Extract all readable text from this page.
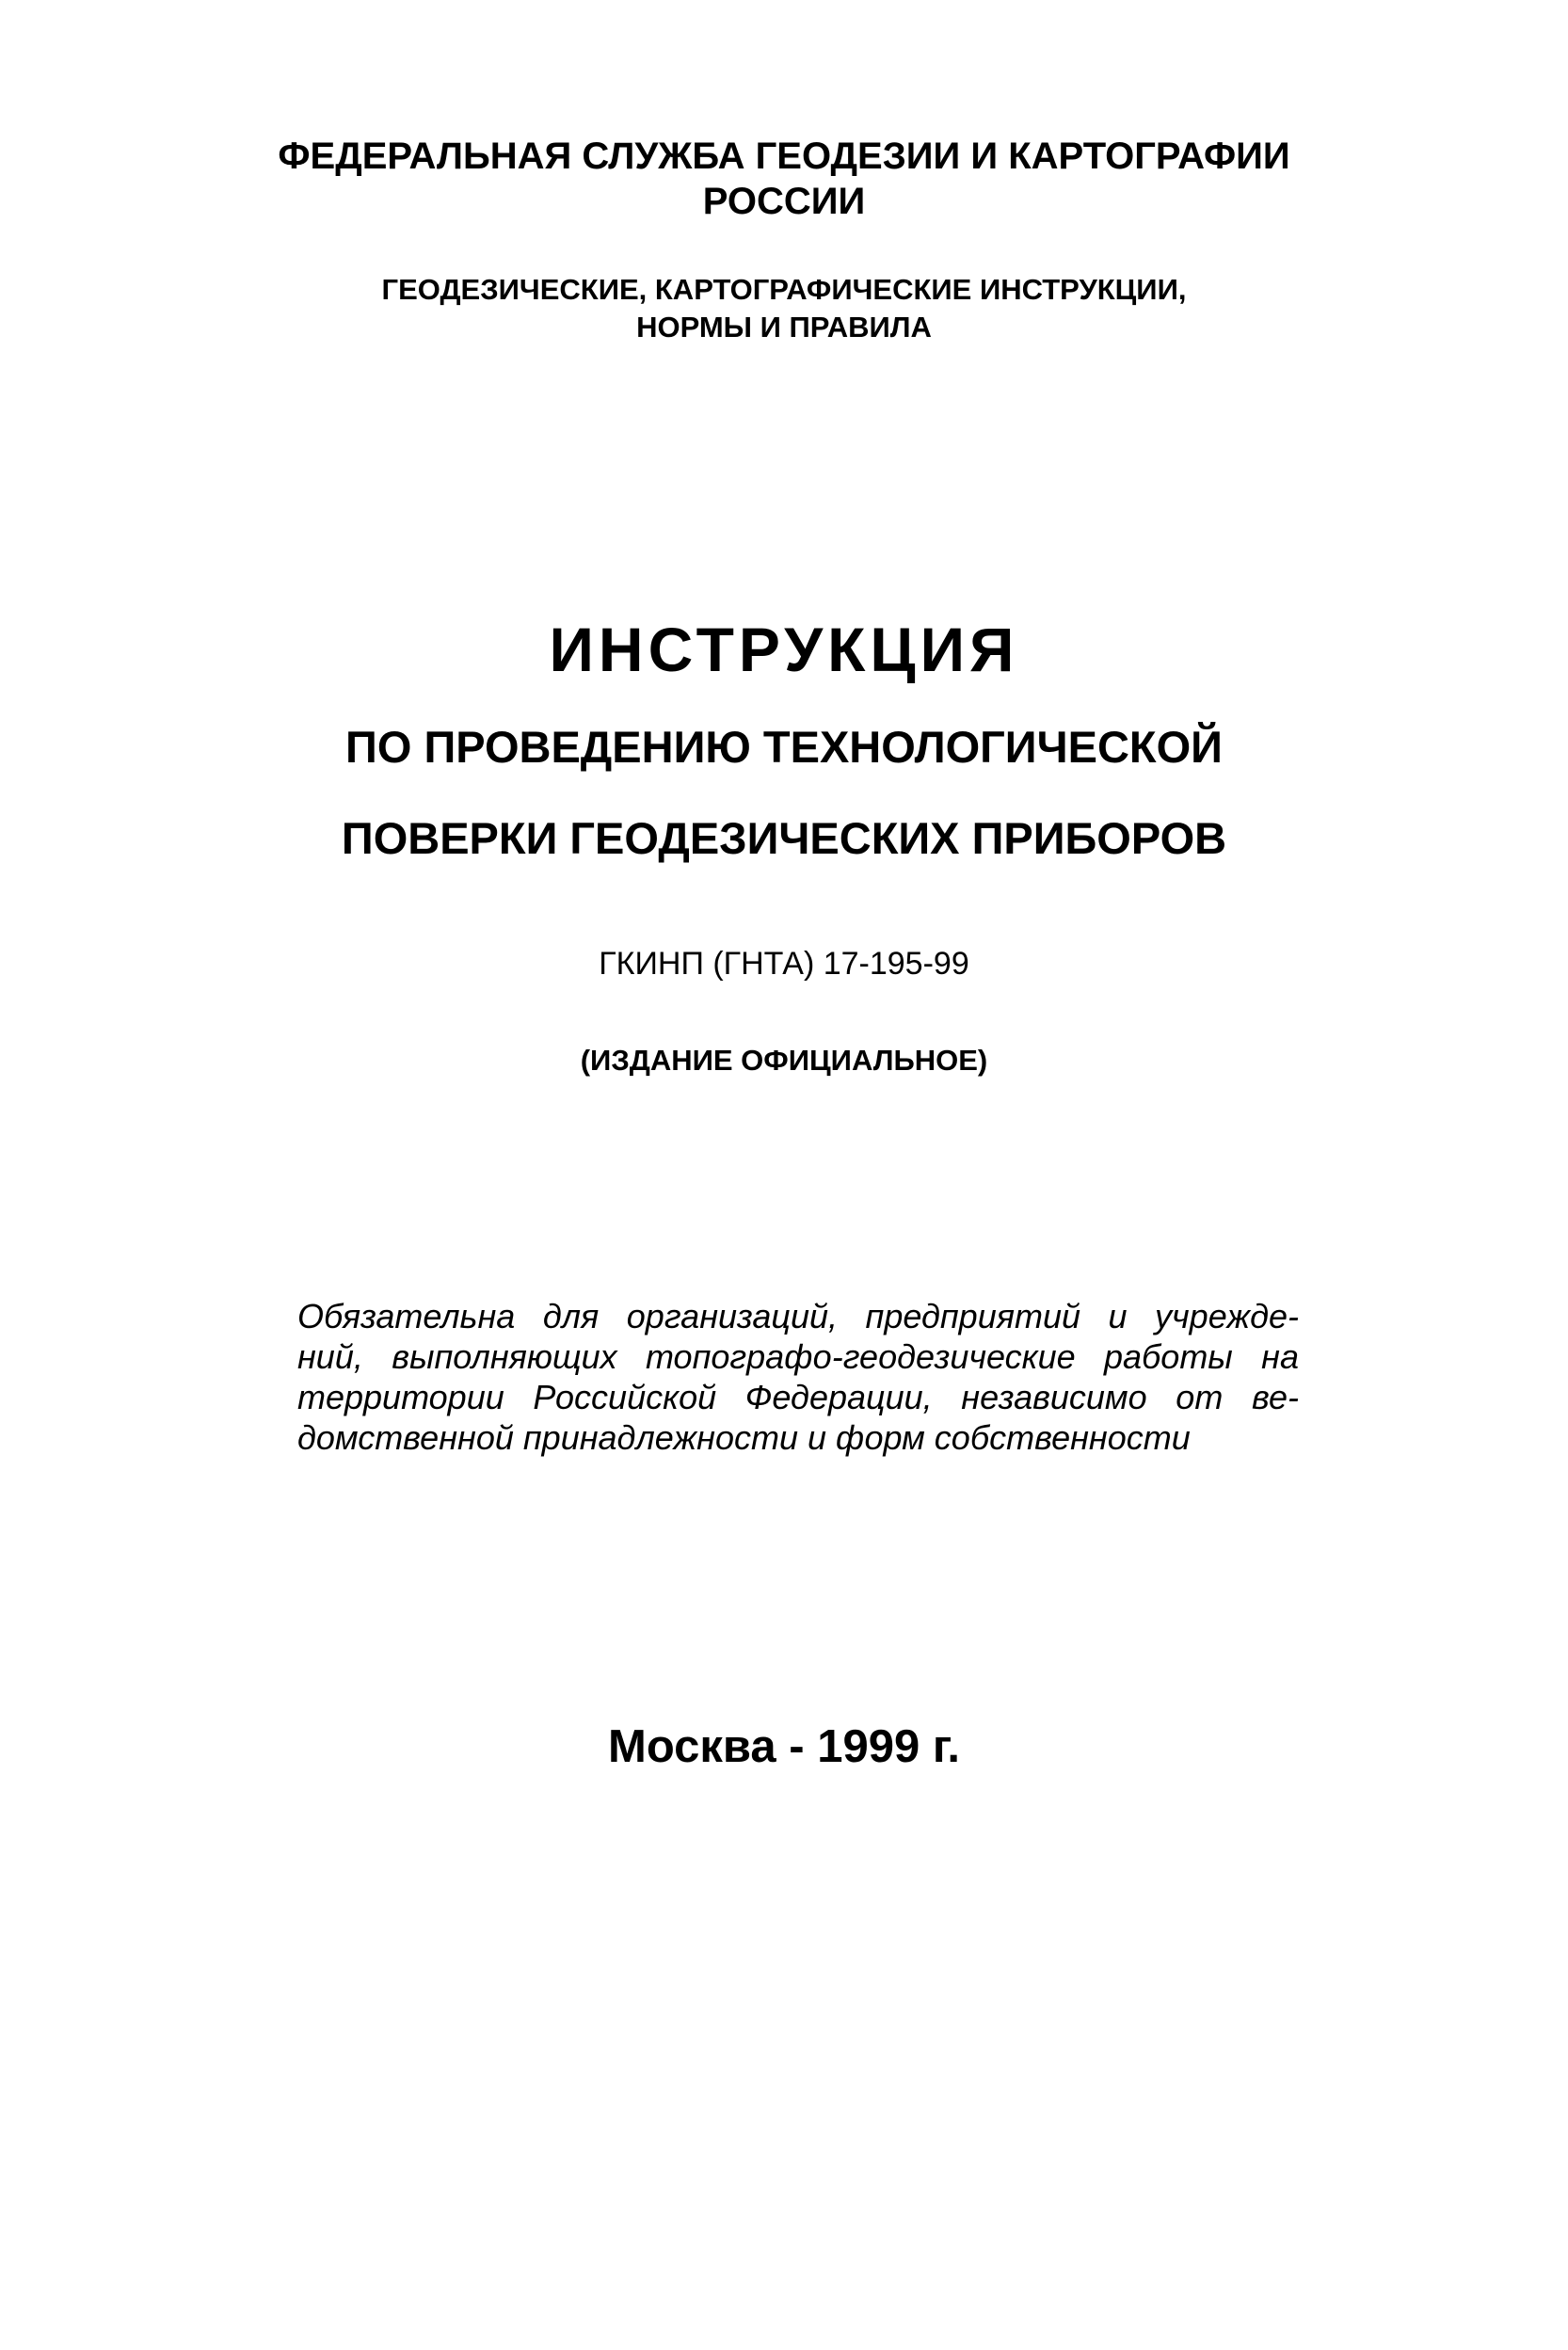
ФЕДЕРАЛЬНАЯ СЛУЖБА ГЕОДЕЗИИ И КАРТОГРАФИИ

РОССИИ

ГЕОДЕЗИЧЕСКИЕ, КАРТОГРАФИЧЕСКИЕ ИНСТРУКЦИИ,

НОРМЫ И ПРАВИЛА

ИНСТРУКЦИЯ
ПО ПРОВЕДЕНИЮ ТЕХНОЛОГИЧЕСКОЙ
ПОВЕРКИ ГЕОДЕЗИЧЕСКИХ ПРИБОРОВ

ГКИНП (ГНТА) 17-195-99

(ИЗДАНИЕ ОФИЦИАЛЬНОЕ)

Обязательна для организаций, предприятий и учрежде-

ний, выполняющих топографо-геодезические работы на

территории Российской Федерации, независимо от ве-

домственной принадлежности и форм собственности

Москва - 1999 г.
